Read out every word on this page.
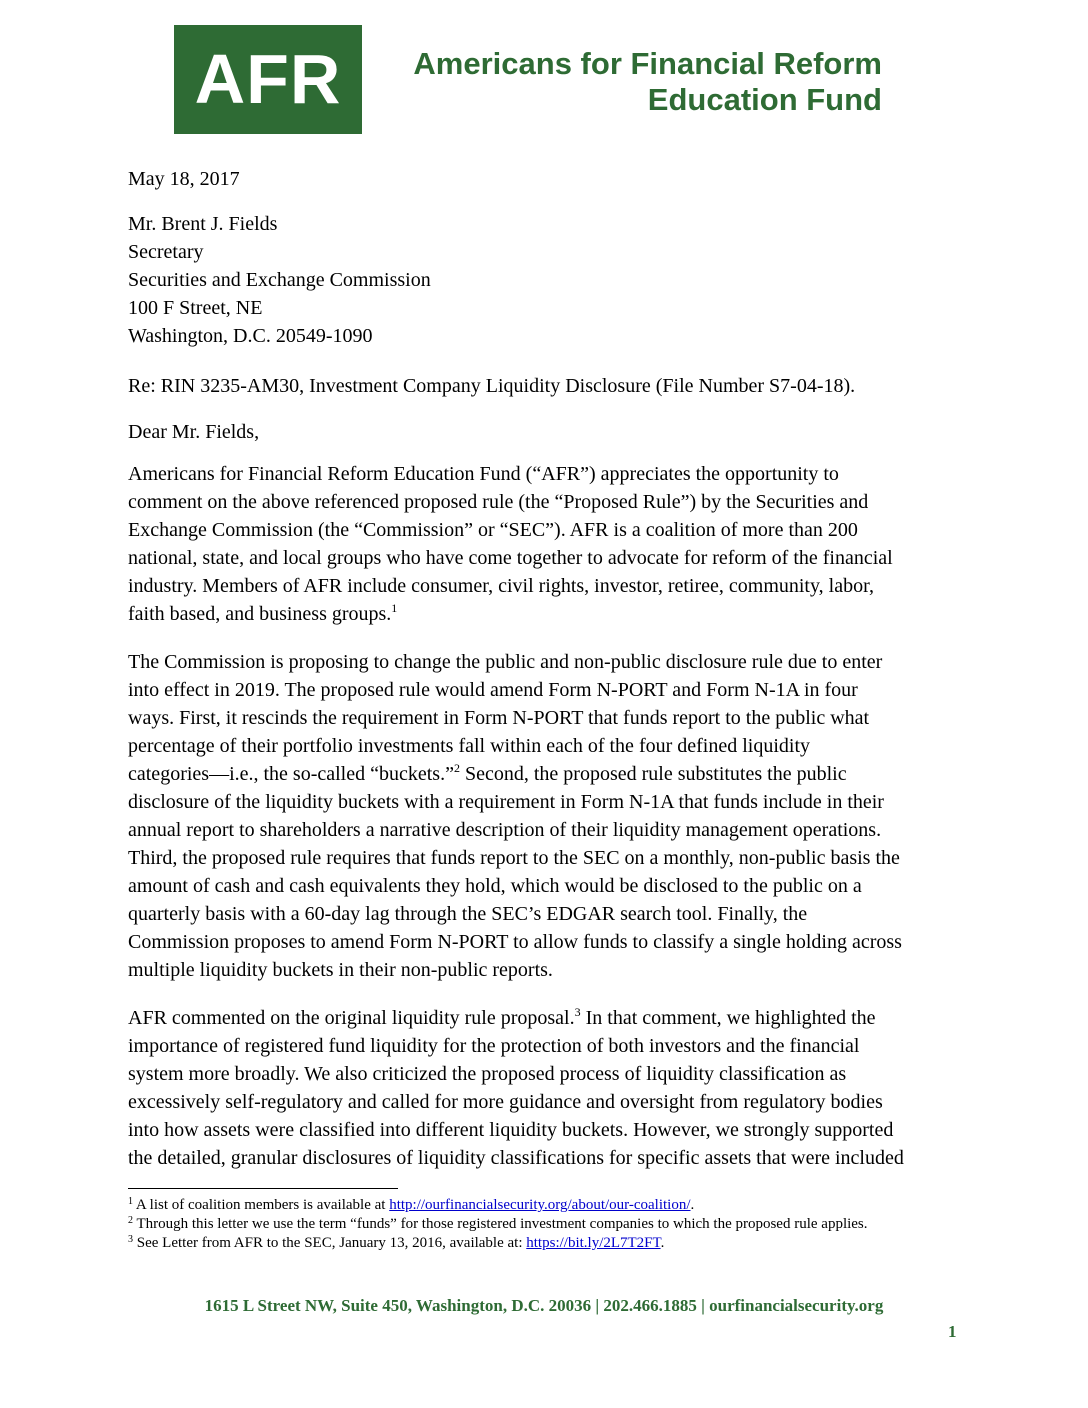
AFR	Americans for Financial Reform
Education Fund
May 18, 2017
Mr. Brent J. Fields
Secretary
Securities and Exchange Commission
100 F Street, NE
Washington, D.C. 20549-1090
Re: RIN 3235-AM30, Investment Company Liquidity Disclosure (File Number S7-04-18).
Dear Mr. Fields,
Americans for Financial Reform Education Fund (“AFR”) appreciates the opportunity to
comment on the above referenced proposed rule (the “Proposed Rule”) by the Securities and
Exchange Commission (the “Commission” or “SEC”). AFR is a coalition of more than 200
national, state, and local groups who have come together to advocate for reform of the financial
industry. Members of AFR include consumer, civil rights, investor, retiree, community, labor,
faith based, and business groups.$^1$
The Commission is proposing to change the public and non-public disclosure rule due to enter
into effect in 2019. The proposed rule would amend Form N-PORT and Form N-1A in four
ways. First, it rescinds the requirement in Form N-PORT that funds report to the public what
percentage of their portfolio investments fall within each of the four defined liquidity
categories—i.e., the so-called “buckets.”$^2$ Second, the proposed rule substitutes the public
disclosure of the liquidity buckets with a requirement in Form N-1A that funds include in their
annual report to shareholders a narrative description of their liquidity management operations.
Third, the proposed rule requires that funds report to the SEC on a monthly, non-public basis the
amount of cash and cash equivalents they hold, which would be disclosed to the public on a
quarterly basis with a 60-day lag through the SEC’s EDGAR search tool. Finally, the
Commission proposes to amend Form N-PORT to allow funds to classify a single holding across
multiple liquidity buckets in their non-public reports.
AFR commented on the original liquidity rule proposal.$^3$ In that comment, we highlighted the
importance of registered fund liquidity for the protection of both investors and the financial
system more broadly. We also criticized the proposed process of liquidity classification as
excessively self-regulatory and called for more guidance and oversight from regulatory bodies
into how assets were classified into different liquidity buckets. However, we strongly supported
the detailed, granular disclosures of liquidity classifications for specific assets that were included
$^1$ A list of coalition members is available at http://ourfinancialsecurity.org/about/our-coalition/.
$^2$ Through this letter we use the term “funds” for those registered investment companies to which the proposed rule applies.
$^3$ See Letter from AFR to the SEC, January 13, 2016, available at: https://bit.ly/2L7T2FT.
1615 L Street NW, Suite 450, Washington, D.C. 20036 | 202.466.1885 | ourfinancialsecurity.org
1
